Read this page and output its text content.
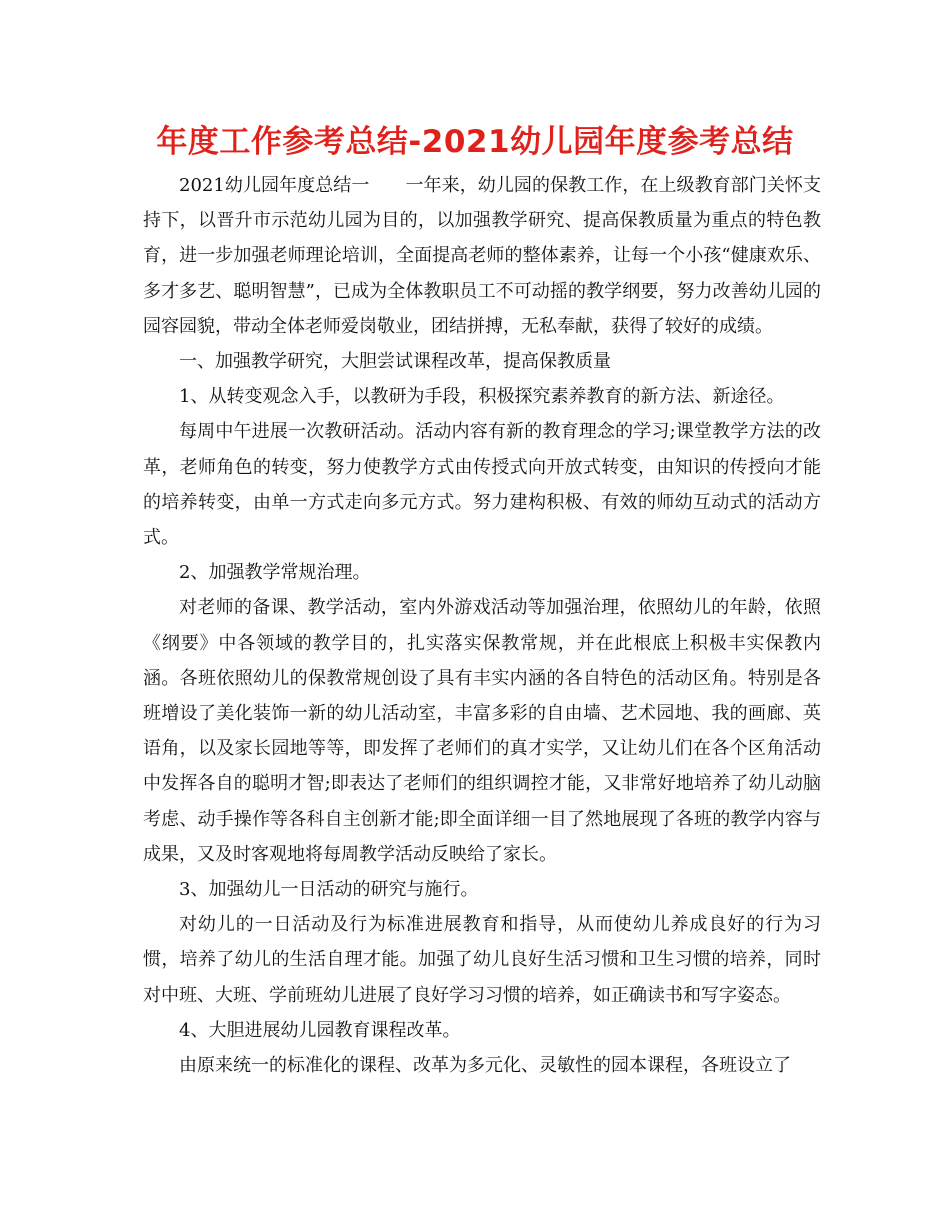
年度工作参考总结-2021幼儿园年度参考总结

2021幼儿园年度总结一　　一年来，幼儿园的保教工作，在上级教育部门关怀支持下，以晋升市示范幼儿园为目的，以加强教学研究、提高保教质量为重点的特色教育，进一步加强老师理论培训，全面提高老师的整体素养，让每一个小孩“健康欢乐、多才多艺、聪明智慧”，已成为全体教职员工不可动摇的教学纲要，努力改善幼儿园的园容园貌，带动全体老师爱岗敬业，团结拼搏，无私奉献，获得了较好的成绩。

一、加强教学研究，大胆尝试课程改革，提高保教质量

1、从转变观念入手，以教研为手段，积极探究素养教育的新方法、新途径。

每周中午进展一次教研活动。活动内容有新的教育理念的学习;课堂教学方法的改革，老师角色的转变，努力使教学方式由传授式向开放式转变，由知识的传授向才能的培养转变，由单一方式走向多元方式。努力建构积极、有效的师幼互动式的活动方式。

2、加强教学常规治理。

对老师的备课、教学活动，室内外游戏活动等加强治理，依照幼儿的年龄，依照《纲要》中各领域的教学目的，扎实落实保教常规，并在此根底上积极丰实保教内涵。各班依照幼儿的保教常规创设了具有丰实内涵的各自特色的活动区角。特别是各班增设了美化装饰一新的幼儿活动室，丰富多彩的自由墙、艺术园地、我的画廊、英语角，以及家长园地等等，即发挥了老师们的真才实学，又让幼儿们在各个区角活动中发挥各自的聪明才智;即表达了老师们的组织调控才能，又非常好地培养了幼儿动脑考虑、动手操作等各科自主创新才能;即全面详细一目了然地展现了各班的教学内容与成果，又及时客观地将每周教学活动反映给了家长。

3、加强幼儿一日活动的研究与施行。

对幼儿的一日活动及行为标准进展教育和指导，从而使幼儿养成良好的行为习惯，培养了幼儿的生活自理才能。加强了幼儿良好生活习惯和卫生习惯的培养，同时对中班、大班、学前班幼儿进展了良好学习习惯的培养，如正确读书和写字姿态。

4、大胆进展幼儿园教育课程改革。

由原来统一的标准化的课程、改革为多元化、灵敏性的园本课程，各班设立了
